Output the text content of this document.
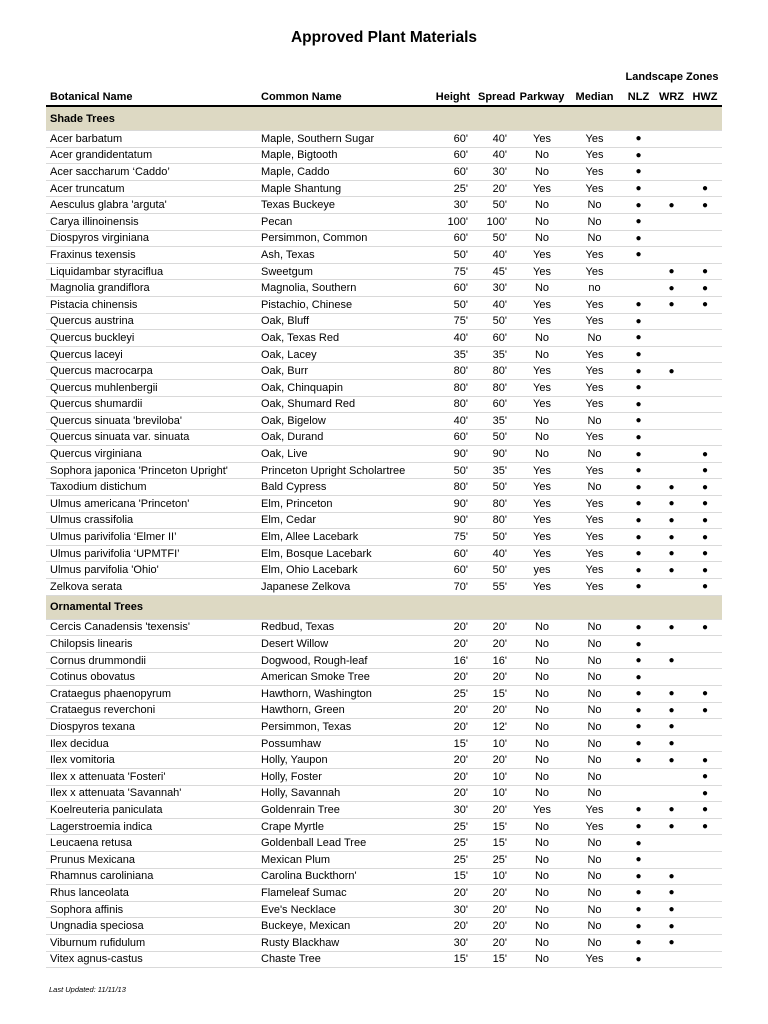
Approved Plant Materials
Landscape Zones
Botanical Name	Common Name	Height	Spread	Parkway	Median	NLZ	WRZ	HWZ
Shade Trees								
Acer barbatum	Maple, Southern Sugar	60'	40'	Yes	Yes	●		
Acer grandidentatum	Maple, Bigtooth	60'	40'	No	Yes	●		
Acer saccharum ‘Caddo’	Maple, Caddo	60'	30'	No	Yes	●		
Acer truncatum	Maple Shantung	25'	20'	Yes	Yes	●		●
Aesculus glabra 'arguta'	Texas Buckeye	30'	50'	No	No	●	●	●
Carya illinoinensis	Pecan	100'	100'	No	No	●		
Diospyros virginiana	Persimmon, Common	60'	50'	No	No	●		
Fraxinus texensis	Ash, Texas	50'	40'	Yes	Yes	●		
Liquidambar styraciflua	Sweetgum	75'	45'	Yes	Yes		●	●
Magnolia grandiflora	Magnolia, Southern	60'	30'	No	no		●	●
Pistacia chinensis	Pistachio, Chinese	50'	40'	Yes	Yes	●	●	●
Quercus austrina	Oak, Bluff	75'	50'	Yes	Yes	●		
Quercus buckleyi	Oak, Texas Red	40'	60'	No	No	●		
Quercus laceyi	Oak, Lacey	35'	35'	No	Yes	●		
Quercus macrocarpa	Oak, Burr	80'	80'	Yes	Yes	●	●	
Quercus muhlenbergii	Oak, Chinquapin	80'	80'	Yes	Yes	●		
Quercus shumardii	Oak, Shumard Red	80'	60'	Yes	Yes	●		
Quercus sinuata 'breviloba'	Oak, Bigelow	40'	35'	No	No	●		
Quercus sinuata var. sinuata	Oak, Durand	60'	50'	No	Yes	●		
Quercus virginiana	Oak, Live	90'	90'	No	No	●		●
Sophora japonica 'Princeton Upright'	Princeton Upright Scholartree	50'	35'	Yes	Yes	●		●
Taxodium distichum	Bald Cypress	80'	50'	Yes	No	●	●	●
Ulmus americana 'Princeton'	Elm, Princeton	90'	80'	Yes	Yes	●	●	●
Ulmus crassifolia	Elm, Cedar	90'	80'	Yes	Yes	●	●	●
Ulmus parivifolia ‘Elmer II’	Elm, Allee Lacebark	75'	50'	Yes	Yes	●	●	●
Ulmus parivifolia ‘UPMTFI’	Elm, Bosque Lacebark	60'	40'	Yes	Yes	●	●	●
Ulmus parvifolia 'Ohio'	Elm, Ohio Lacebark	60'	50'	yes	Yes	●	●	●
Zelkova serata	Japanese Zelkova	70'	55'	Yes	Yes	●		●
Ornamental Trees								
Cercis Canadensis 'texensis'	Redbud, Texas	20'	20'	No	No	●	●	●
Chilopsis linearis	Desert Willow	20'	20'	No	No	●		
Cornus drummondii	Dogwood, Rough-leaf	16'	16'	No	No	●	●	
Cotinus obovatus	American Smoke Tree	20'	20'	No	No	●		
Crataegus phaenopyrum	Hawthorn, Washington	25'	15'	No	No	●	●	●
Crataegus reverchoni	Hawthorn, Green	20'	20'	No	No	●	●	●
Diospyros texana	Persimmon, Texas	20'	12'	No	No	●	●	
Ilex decidua	Possumhaw	15'	10'	No	No	●	●	
Ilex vomitoria	Holly, Yaupon	20'	20'	No	No	●	●	●
Ilex x attenuata 'Fosteri'	Holly, Foster	20'	10'	No	No			●
Ilex x attenuata 'Savannah'	Holly, Savannah	20'	10'	No	No			●
Koelreuteria paniculata	Goldenrain Tree	30'	20'	Yes	Yes	●	●	●
Lagerstroemia indica	Crape Myrtle	25'	15'	No	Yes	●	●	●
Leucaena retusa	Goldenball Lead Tree	25'	15'	No	No	●		
Prunus Mexicana	Mexican Plum	25'	25'	No	No	●		
Rhamnus caroliniana	Carolina Buckthorn'	15'	10'	No	No	●	●	
Rhus lanceolata	Flameleaf Sumac	20'	20'	No	No	●	●	
Sophora affinis	Eve's Necklace	30'	20'	No	No	●	●	
Ungnadia speciosa	Buckeye, Mexican	20'	20'	No	No	●	●	
Viburnum rufidulum	Rusty Blackhaw	30'	20'	No	No	●	●	
Vitex agnus-castus	Chaste Tree	15'	15'	No	Yes	●		
Last Updated: 11/11/13
